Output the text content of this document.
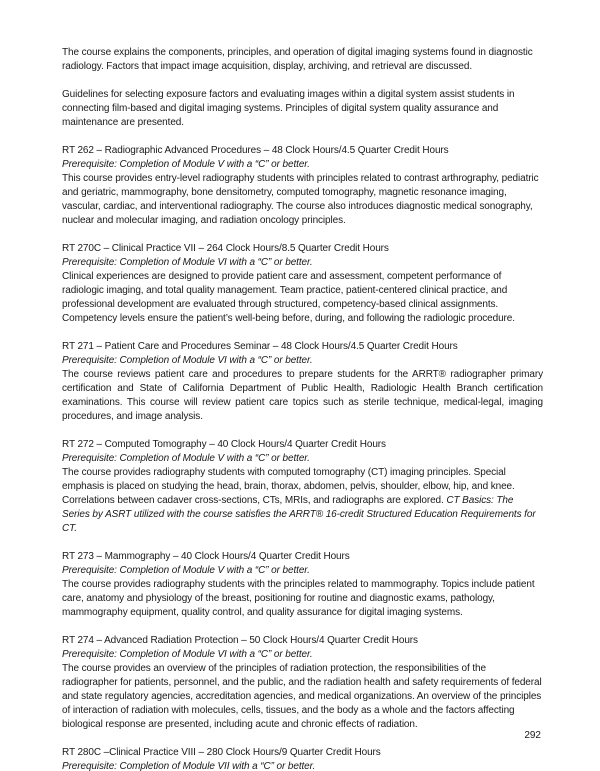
The course explains the components, principles, and operation of digital imaging systems found in diagnostic radiology. Factors that impact image acquisition, display, archiving, and retrieval are discussed.

Guidelines for selecting exposure factors and evaluating images within a digital system assist students in connecting film-based and digital imaging systems. Principles of digital system quality assurance and maintenance are presented.

RT 262 – Radiographic Advanced Procedures – 48 Clock Hours/4.5 Quarter Credit Hours

Prerequisite: Completion of Module V with a “C” or better.

This course provides entry-level radiography students with principles related to contrast arthrography, pediatric and geriatric, mammography, bone densitometry, computed tomography, magnetic resonance imaging, vascular, cardiac, and interventional radiography. The course also introduces diagnostic medical sonography, nuclear and molecular imaging, and radiation oncology principles.

RT 270C – Clinical Practice VII – 264 Clock Hours/8.5 Quarter Credit Hours

Prerequisite: Completion of Module VI with a “C” or better.

Clinical experiences are designed to provide patient care and assessment, competent performance of radiologic imaging, and total quality management. Team practice, patient-centered clinical practice, and professional development are evaluated through structured, competency-based clinical assignments. Competency levels ensure the patient’s well-being before, during, and following the radiologic procedure.

RT 271 – Patient Care and Procedures Seminar – 48 Clock Hours/4.5 Quarter Credit Hours

Prerequisite: Completion of Module VI with a “C” or better.

The course reviews patient care and procedures to prepare students for the ARRT® radiographer primary certification and State of California Department of Public Health, Radiologic Health Branch certification examinations. This course will review patient care topics such as sterile technique, medical-legal, imaging procedures, and image analysis.

RT 272 – Computed Tomography – 40 Clock Hours/4 Quarter Credit Hours

Prerequisite: Completion of Module V with a “C” or better.

The course provides radiography students with computed tomography (CT) imaging principles. Special emphasis is placed on studying the head, brain, thorax, abdomen, pelvis, shoulder, elbow, hip, and knee. Correlations between cadaver cross-sections, CTs, MRIs, and radiographs are explored. CT Basics: The Series by ASRT utilized with the course satisfies the ARRT® 16-credit Structured Education Requirements for CT.

RT 273 – Mammography – 40 Clock Hours/4 Quarter Credit Hours

Prerequisite: Completion of Module V with a “C” or better.

The course provides radiography students with the principles related to mammography. Topics include patient care, anatomy and physiology of the breast, positioning for routine and diagnostic exams, pathology, mammography equipment, quality control, and quality assurance for digital imaging systems.

RT 274 – Advanced Radiation Protection – 50 Clock Hours/4 Quarter Credit Hours

Prerequisite: Completion of Module VI with a “C” or better.

The course provides an overview of the principles of radiation protection, the responsibilities of the radiographer for patients, personnel, and the public, and the radiation health and safety requirements of federal and state regulatory agencies, accreditation agencies, and medical organizations. An overview of the principles of interaction of radiation with molecules, cells, tissues, and the body as a whole and the factors affecting biological response are presented, including acute and chronic effects of radiation.

RT 280C –Clinical Practice VIII – 280 Clock Hours/9 Quarter Credit Hours

Prerequisite: Completion of Module VII with a “C” or better.

292
